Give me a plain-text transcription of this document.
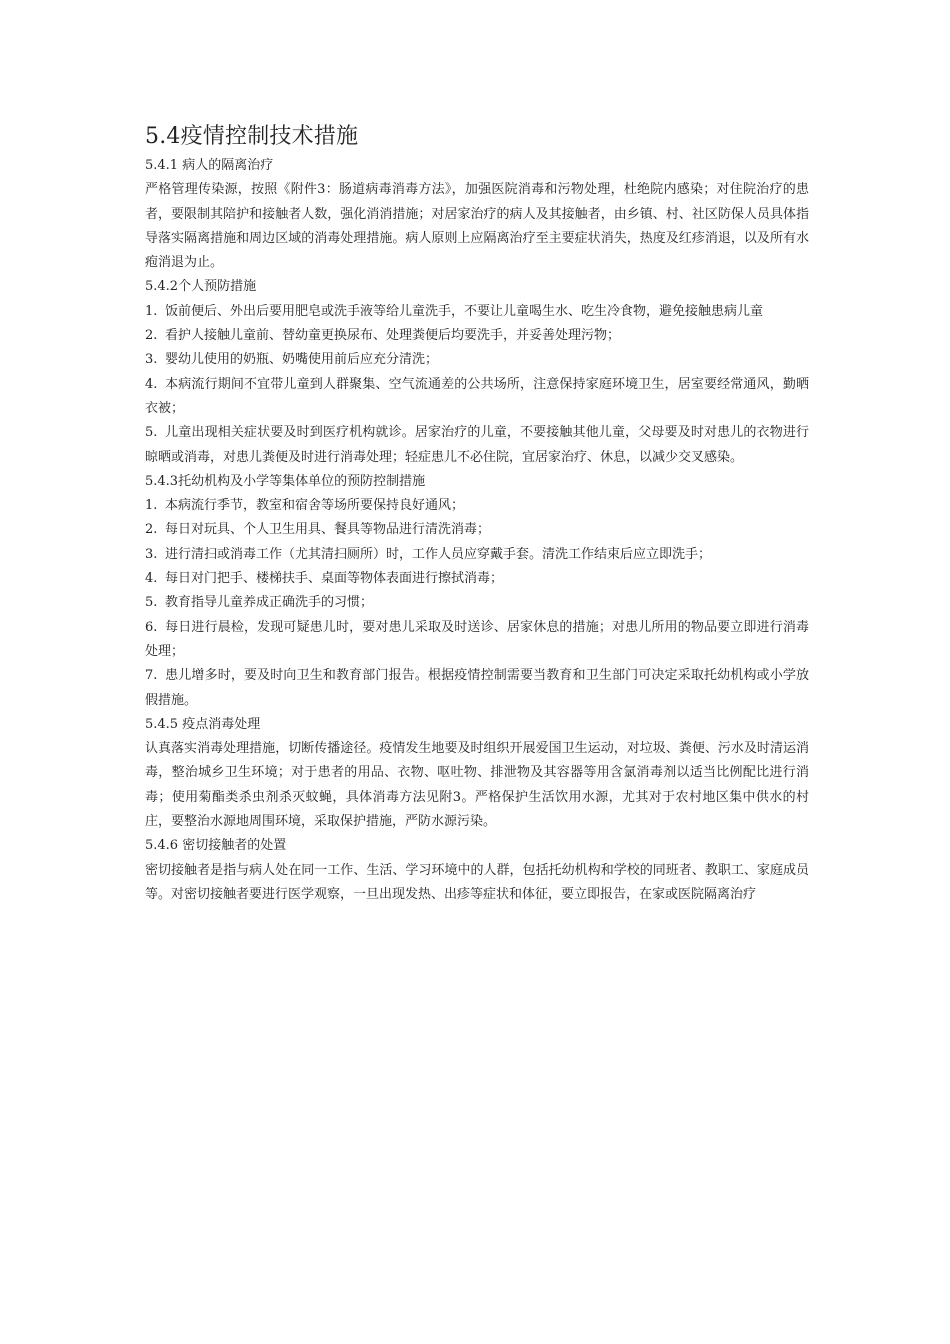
5.4疫情控制技术措施

5.4.1 病人的隔离治疗

严格管理传染源，按照《附件3：肠道病毒消毒方法》，加强医院消毒和污物处理，杜绝院内感染；对住院治疗的患者，要限制其陪护和接触者人数，强化消消措施；对居家治疗的病人及其接触者，由乡镇、村、社区防保人员具体指导落实隔离措施和周边区域的消毒处理措施。病人原则上应隔离治疗至主要症状消失，热度及红疹消退，以及所有水疱消退为止。

5.4.2个人预防措施

1. 饭前便后、外出后要用肥皂或洗手液等给儿童洗手，不要让儿童喝生水、吃生冷食物，避免接触患病儿童

2. 看护人接触儿童前、替幼童更换尿布、处理粪便后均要洗手，并妥善处理污物；

3. 婴幼儿使用的奶瓶、奶嘴使用前后应充分清洗；

4. 本病流行期间不宜带儿童到人群聚集、空气流通差的公共场所，注意保持家庭环境卫生，居室要经常通风，勤晒衣被；

5. 儿童出现相关症状要及时到医疗机构就诊。居家治疗的儿童，不要接触其他儿童，父母要及时对患儿的衣物进行晾晒或消毒，对患儿粪便及时进行消毒处理；轻症患儿不必住院，宜居家治疗、休息，以减少交叉感染。

5.4.3托幼机构及小学等集体单位的预防控制措施

1. 本病流行季节，教室和宿舍等场所要保持良好通风；

2. 每日对玩具、个人卫生用具、餐具等物品进行清洗消毒；

3. 进行清扫或消毒工作（尤其清扫厕所）时，工作人员应穿戴手套。清洗工作结束后应立即洗手；

4. 每日对门把手、楼梯扶手、桌面等物体表面进行擦拭消毒；

5. 教育指导儿童养成正确洗手的习惯；

6. 每日进行晨检，发现可疑患儿时，要对患儿采取及时送诊、居家休息的措施；对患儿所用的物品要立即进行消毒处理；

7. 患儿增多时，要及时向卫生和教育部门报告。根据疫情控制需要当教育和卫生部门可决定采取托幼机构或小学放假措施。

5.4.5 疫点消毒处理

认真落实消毒处理措施，切断传播途径。疫情发生地要及时组织开展爱国卫生运动，对垃圾、粪便、污水及时清运消毒，整治城乡卫生环境；对于患者的用品、衣物、呕吐物、排泄物及其容器等用含氯消毒剂以适当比例配比进行消毒；使用菊酯类杀虫剂杀灭蚊蝇，具体消毒方法见附3。严格保护生活饮用水源，尤其对于农村地区集中供水的村庄，要整治水源地周围环境，采取保护措施，严防水源污染。

5.4.6 密切接触者的处置

密切接触者是指与病人处在同一工作、生活、学习环境中的人群，包括托幼机构和学校的同班者、教职工、家庭成员等。对密切接触者要进行医学观察，一旦出现发热、出疹等症状和体征，要立即报告，在家或医院隔离治疗
